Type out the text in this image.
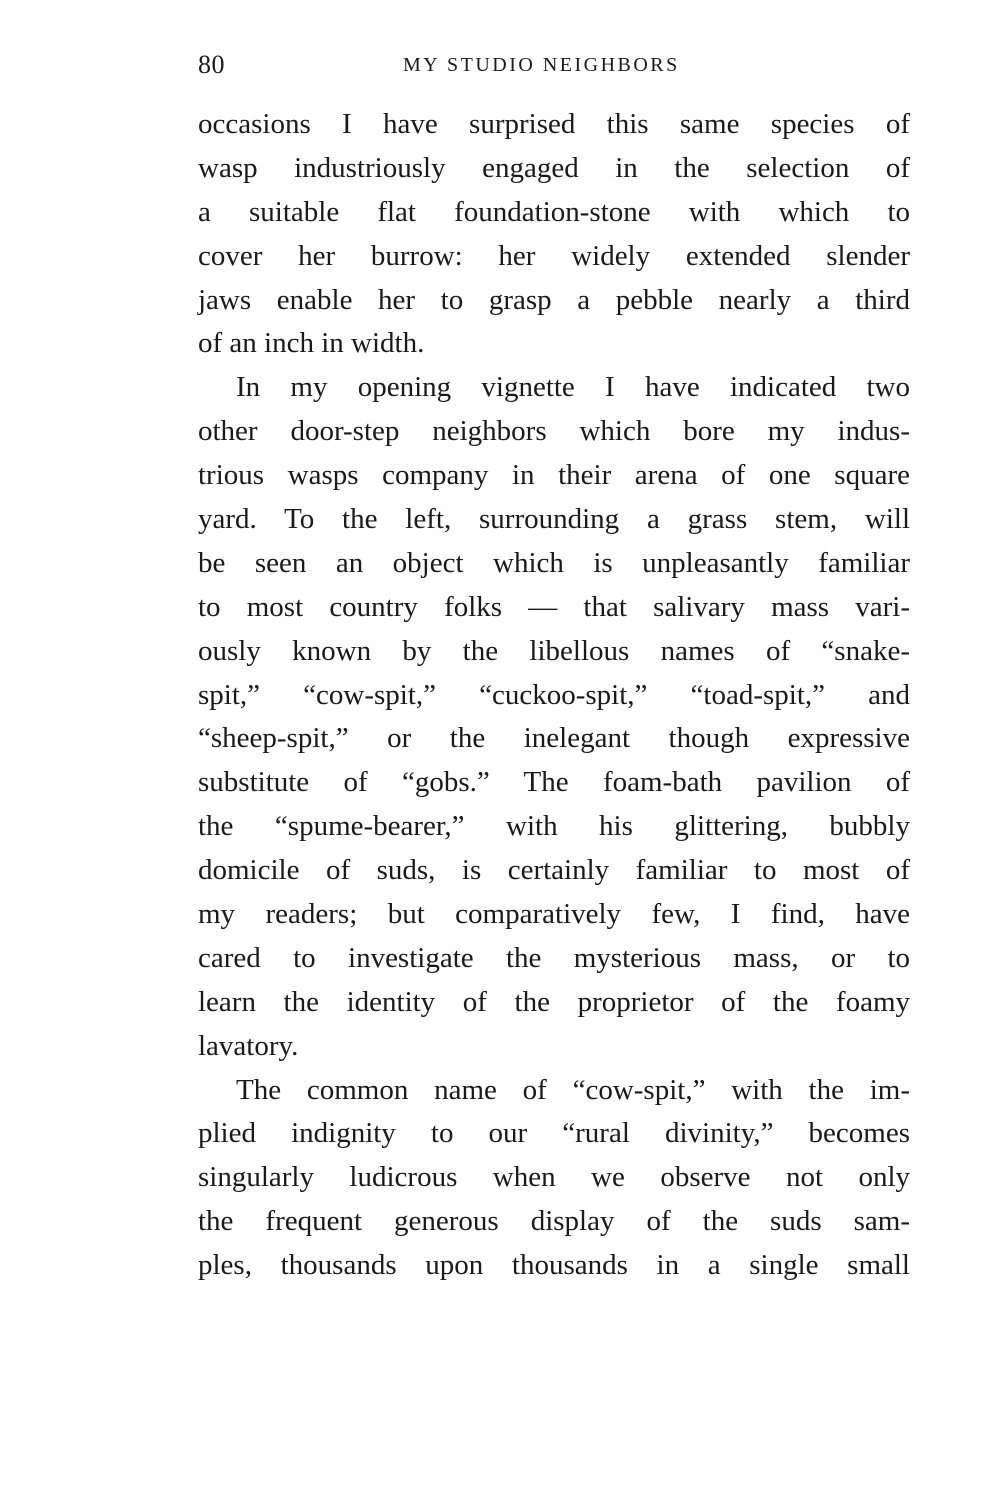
80	MY STUDIO NEIGHBORS
occasions I have surprised this same species of
wasp industriously engaged in the selection of
a suitable flat foundation-stone with which to
cover her burrow: her widely extended slender
jaws enable her to grasp a pebble nearly a third
of an inch in width.
In my opening vignette I have indicated two
other door-step neighbors which bore my indus-
trious wasps company in their arena of one square
yard. To the left, surrounding a grass stem, will
be seen an object which is unpleasantly familiar
to most country folks — that salivary mass vari-
ously known by the libellous names of “snake-
spit,” “cow-spit,” “cuckoo-spit,” “toad-spit,” and
“sheep-spit,” or the inelegant though expressive
substitute of “gobs.” The foam-bath pavilion of
the “spume-bearer,” with his glittering, bubbly
domicile of suds, is certainly familiar to most of
my readers; but comparatively few, I find, have
cared to investigate the mysterious mass, or to
learn the identity of the proprietor of the foamy
lavatory.
The common name of “cow-spit,” with the im-
plied indignity to our “rural divinity,” becomes
singularly ludicrous when we observe not only
the frequent generous display of the suds sam-
ples, thousands upon thousands in a single small
